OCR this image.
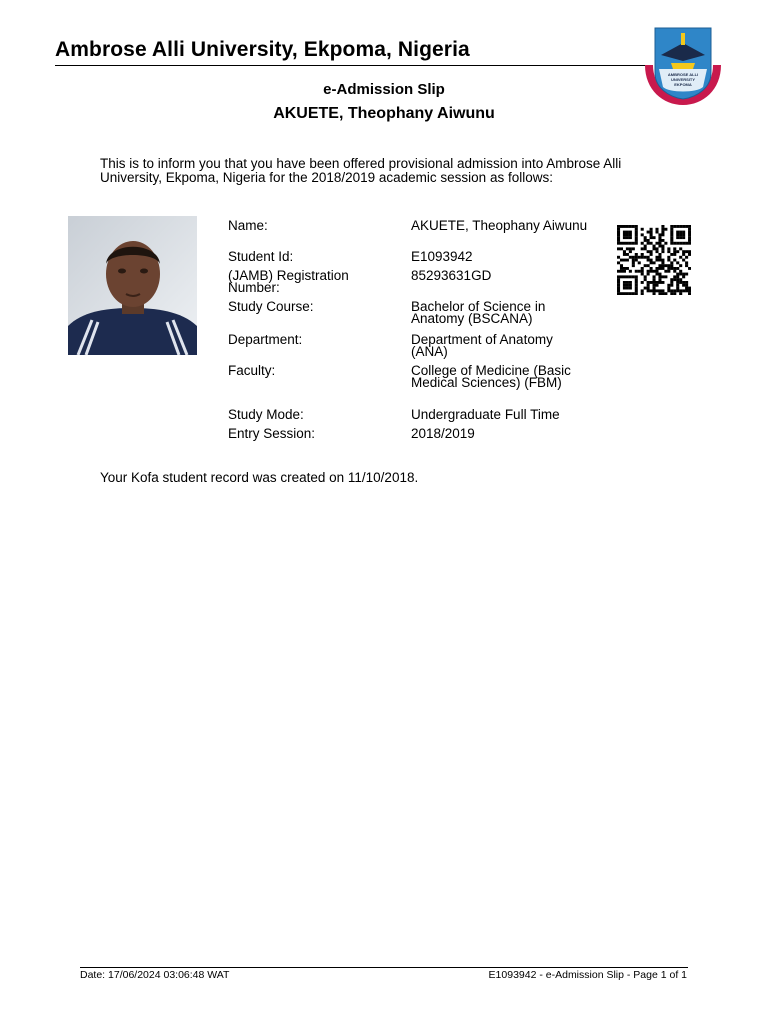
Ambrose Alli University, Ekpoma, Nigeria
AMBROSE ALLI
UNIVERSITY
EKPOMA
e-Admission Slip
AKUETE, Theophany Aiwunu
This is to inform you that you have been offered provisional admission into Ambrose Alli University, Ekpoma, Nigeria for the 2018/2019 academic session as follows:
Name:	AKUETE, Theophany Aiwunu
Student Id:	E1093942
(JAMB) Registration Number:
85293631GD
Study Course:	Bachelor of Science in Anatomy (BSCANA)
Department:	Department of Anatomy (ANA)
Faculty:	College of Medicine (Basic Medical Sciences) (FBM)
Study Mode:	Undergraduate Full Time
Entry Session:	2018/2019
Your Kofa student record was created on 11/10/2018.
Date: 17/06/2024 03:06:48 WAT	E1093942 - e-Admission Slip - Page 1 of 1
